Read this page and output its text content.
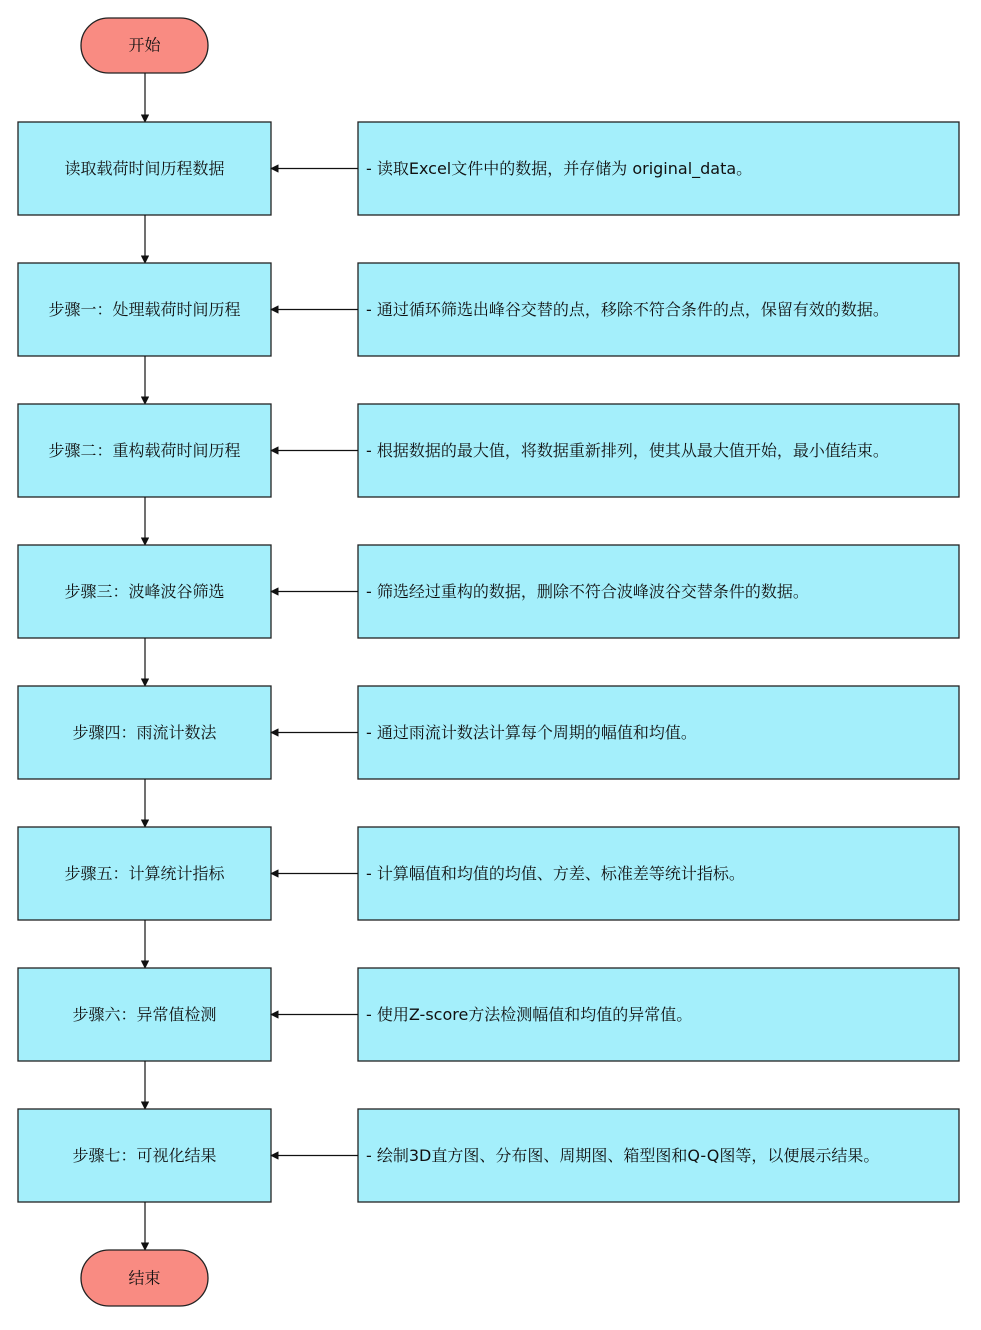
开始
读取载荷时间历程数据	- 读取Excel文件中的数据，并存储为 original_data。
步骤一：处理载荷时间历程	- 通过循环筛选出峰谷交替的点，移除不符合条件的点，保留有效的数据。
步骤二：重构载荷时间历程	- 根据数据的最大值，将数据重新排列，使其从最大值开始，最小值结束。
步骤三：波峰波谷筛选	- 筛选经过重构的数据，删除不符合波峰波谷交替条件的数据。
步骤四：雨流计数法	- 通过雨流计数法计算每个周期的幅值和均值。
步骤五：计算统计指标	- 计算幅值和均值的均值、方差、标准差等统计指标。
步骤六：异常值检测	- 使用Z-score方法检测幅值和均值的异常值。
步骤七：可视化结果	- 绘制3D直方图、分布图、周期图、箱型图和Q-Q图等，以便展示结果。
结束
